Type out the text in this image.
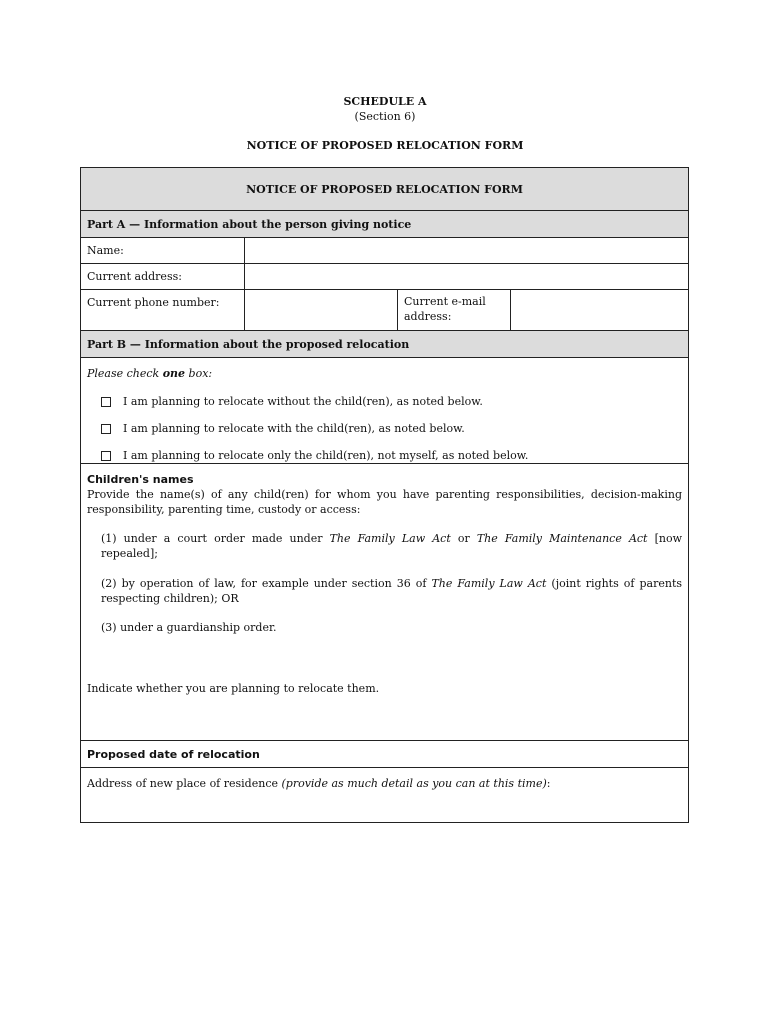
SCHEDULE A
(Section 6)
NOTICE OF PROPOSED RELOCATION FORM
NOTICE OF PROPOSED RELOCATION FORM
Part A — Information about the person giving notice
Name:
Current address:
Current phone number:	Current e-mail address:
Part B — Information about the proposed relocation
Please check one box:
I am planning to relocate without the child(ren), as noted below.
I am planning to relocate with the child(ren), as noted below.
I am planning to relocate only the child(ren), not myself, as noted below.
Children's names
Provide the name(s) of any child(ren) for whom you have parenting responsibilities, decision-making responsibility, parenting time, custody or access:
(1) under a court order made under The Family Law Act or The Family Maintenance Act [now repealed];
(2) by operation of law, for example under section 36 of The Family Law Act (joint rights of parents respecting children); OR
(3) under a guardianship order.
Indicate whether you are planning to relocate them.
Proposed date of relocation
Address of new place of residence (provide as much detail as you can at this time):
